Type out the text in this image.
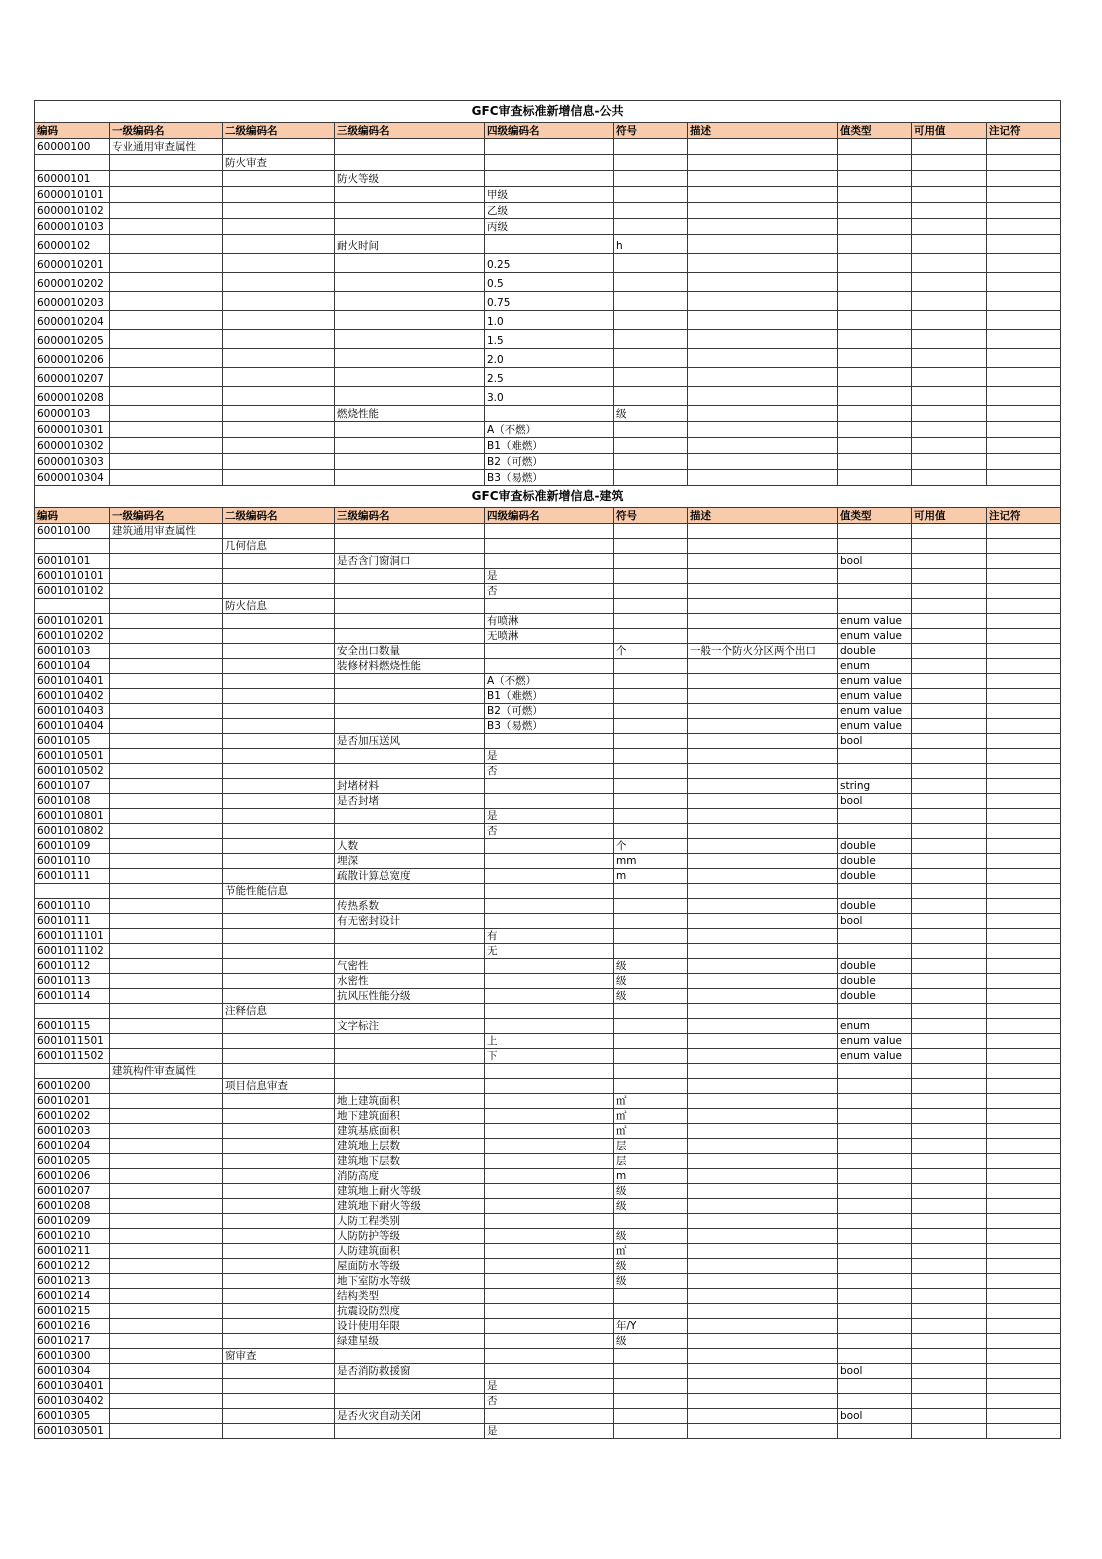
GFC审查标准新增信息-公共									
编码	一级编码名	二级编码名	三级编码名	四级编码名	符号	描述	值类型	可用值	注记符
60000100	专业通用审查属性								
		防火审查							
60000101			防火等级						
6000010101				甲级					
6000010102				乙级					
6000010103				丙级					
60000102			耐火时间		h				
6000010201				0.25					
6000010202				0.5					
6000010203				0.75					
6000010204				1.0					
6000010205				1.5					
6000010206				2.0					
6000010207				2.5					
6000010208				3.0					
60000103			燃烧性能		级				
6000010301				A（不燃）					
6000010302				B1（难燃）					
6000010303				B2（可燃）					
6000010304				B3（易燃）					
GFC审查标准新增信息-建筑									
编码	一级编码名	二级编码名	三级编码名	四级编码名	符号	描述	值类型	可用值	注记符
60010100	建筑通用审查属性								
		几何信息							
60010101			是否含门窗洞口				bool		
6001010101				是					
6001010102				否					
		防火信息							
6001010201				有喷淋			enum value		
6001010202				无喷淋			enum value		
60010103			安全出口数量		个	一般一个防火分区两个出口	double		
60010104			装修材料燃烧性能				enum		
6001010401				A（不燃）			enum value		
6001010402				B1（难燃）			enum value		
6001010403				B2（可燃）			enum value		
6001010404				B3（易燃）			enum value		
60010105			是否加压送风				bool		
6001010501				是					
6001010502				否					
60010107			封堵材料				string		
60010108			是否封堵				bool		
6001010801				是					
6001010802				否					
60010109			人数		个		double		
60010110			埋深		mm		double		
60010111			疏散计算总宽度		m		double		
		节能性能信息							
60010110			传热系数				double		
60010111			有无密封设计				bool		
6001011101				有					
6001011102				无					
60010112			气密性		级		double		
60010113			水密性		级		double		
60010114			抗风压性能分级		级		double		
		注释信息							
60010115			文字标注				enum		
6001011501				上			enum value		
6001011502				下			enum value		
	建筑构件审查属性								
60010200		项目信息审查							
60010201			地上建筑面积		㎡				
60010202			地下建筑面积		㎡				
60010203			建筑基底面积		㎡				
60010204			建筑地上层数		层				
60010205			建筑地下层数		层				
60010206			消防高度		m				
60010207			建筑地上耐火等级		级				
60010208			建筑地下耐火等级		级				
60010209			人防工程类别						
60010210			人防防护等级		级				
60010211			人防建筑面积		㎡				
60010212			屋面防水等级		级				
60010213			地下室防水等级		级				
60010214			结构类型						
60010215			抗震设防烈度						
60010216			设计使用年限		年/Y				
60010217			绿建星级		级				
60010300		窗审查							
60010304			是否消防救援窗				bool		
6001030401				是					
6001030402				否					
60010305			是否火灾自动关闭				bool		
6001030501				是					
